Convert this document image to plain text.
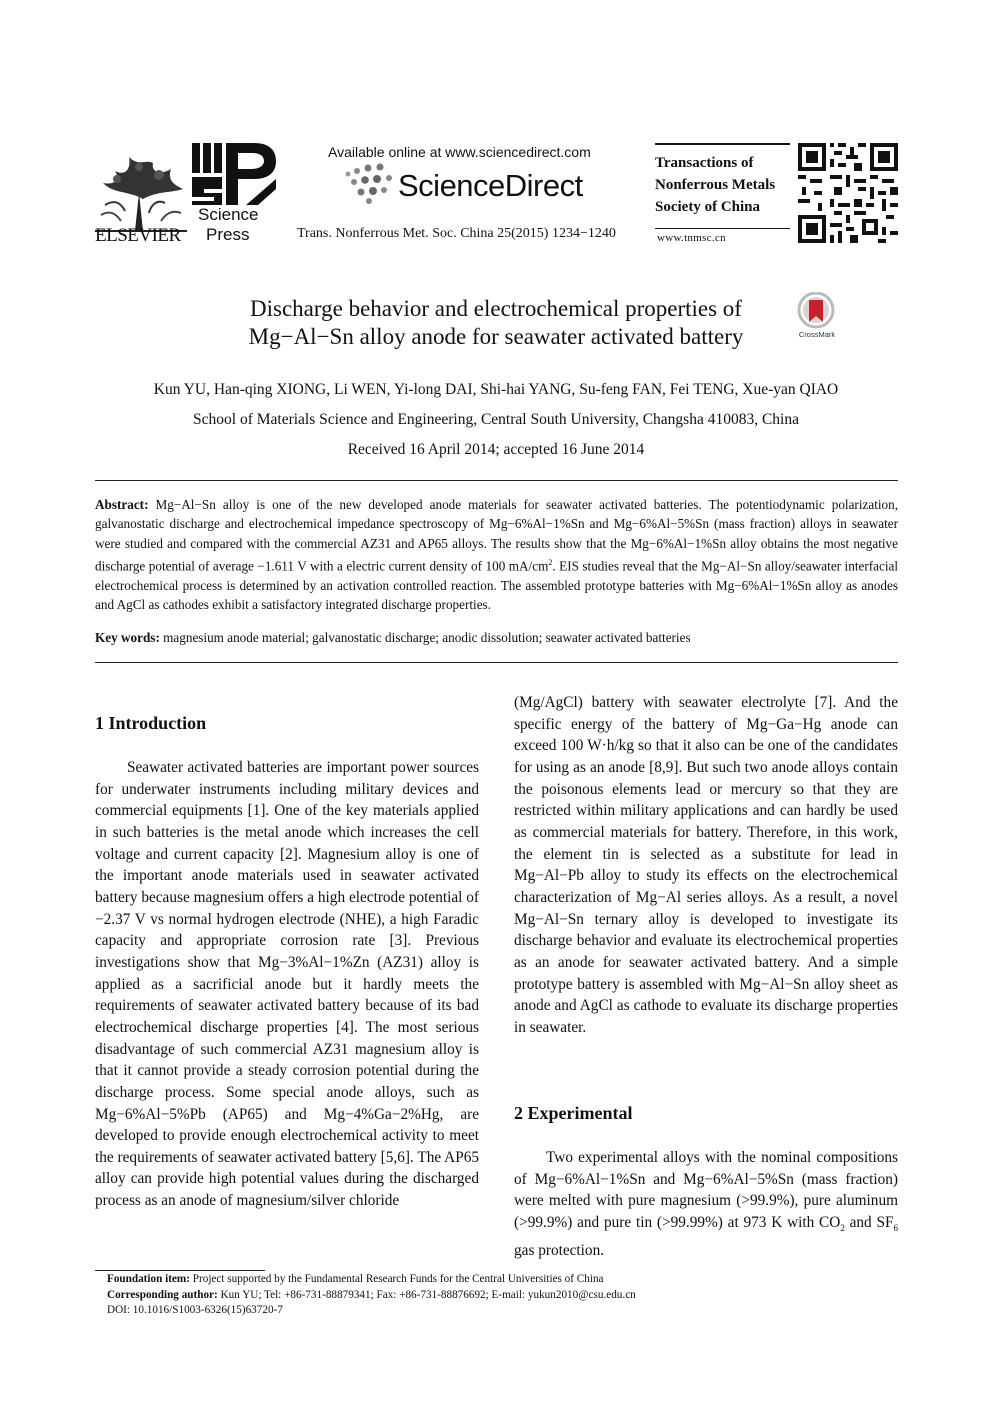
ELSEVIER
Science
Press
Available online at www.sciencedirect.com
ScienceDirect
Trans. Nonferrous Met. Soc. China 25(2015) 1234−1240
Transactions of
Nonferrous Metals
Society of China
www.tnmsc.cn
Discharge behavior and electrochemical properties of
Mg−Al−Sn alloy anode for seawater activated battery	CrossMark
Kun YU, Han-qing XIONG, Li WEN, Yi-long DAI, Shi-hai YANG, Su-feng FAN, Fei TENG, Xue-yan QIAO
School of Materials Science and Engineering, Central South University, Changsha 410083, China
Received 16 April 2014; accepted 16 June 2014
Abstract: Mg−Al−Sn alloy is one of the new developed anode materials for seawater activated batteries. The potentiodynamic polarization, galvanostatic discharge and electrochemical impedance spectroscopy of Mg−6%Al−1%Sn and Mg−6%Al−5%Sn (mass fraction) alloys in seawater were studied and compared with the commercial AZ31 and AP65 alloys. The results show that the Mg−6%Al−1%Sn alloy obtains the most negative discharge potential of average −1.611 V with a electric current density of 100 $mA/cm^2$. EIS studies reveal that the Mg−Al−Sn alloy/seawater interfacial electrochemical process is determined by an activation controlled reaction. The assembled prototype batteries with Mg−6%Al−1%Sn alloy as anodes and AgCl as cathodes exhibit a satisfactory integrated discharge properties.
Key words: magnesium anode material; galvanostatic discharge; anodic dissolution; seawater activated batteries
1 Introduction
Seawater activated batteries are important power sources for underwater instruments including military devices and commercial equipments [1]. One of the key materials applied in such batteries is the metal anode which increases the cell voltage and current capacity [2]. Magnesium alloy is one of the important anode materials used in seawater activated battery because magnesium offers a high electrode potential of −2.37 V vs normal hydrogen electrode (NHE), a high Faradic capacity and appropriate corrosion rate [3]. Previous investigations show that Mg−3%Al−1%Zn (AZ31) alloy is applied as a sacrificial anode but it hardly meets the requirements of seawater activated battery because of its bad electrochemical discharge properties [4]. The most serious disadvantage of such commercial AZ31 magnesium alloy is that it cannot provide a steady corrosion potential during the discharge process. Some special anode alloys, such as Mg−6%Al−5%Pb (AP65) and Mg−4%Ga−2%Hg, are developed to provide enough electrochemical activity to meet the requirements of seawater activated battery [5,6]. The AP65 alloy can provide high potential values during the discharged process as an anode of magnesium/silver chloride
(Mg/AgCl) battery with seawater electrolyte [7]. And the specific energy of the battery of Mg−Ga−Hg anode can exceed 100 W·h/kg so that it also can be one of the candidates for using as an anode [8,9]. But such two anode alloys contain the poisonous elements lead or mercury so that they are restricted within military applications and can hardly be used as commercial materials for battery. Therefore, in this work, the element tin is selected as a substitute for lead in Mg−Al−Pb alloy to study its effects on the electrochemical characterization of Mg−Al series alloys. As a result, a novel Mg−Al−Sn ternary alloy is developed to investigate its discharge behavior and evaluate its electrochemical properties as an anode for seawater activated battery. And a simple prototype battery is assembled with Mg−Al−Sn alloy sheet as anode and AgCl as cathode to evaluate its discharge properties in seawater.
2 Experimental
Two experimental alloys with the nominal compositions of Mg−6%Al−1%Sn and Mg−6%Al−5%Sn (mass fraction) were melted with pure magnesium (>99.9%), pure aluminum (>99.9%) and pure tin (>99.99%) at 973 K with $CO_2$ and $SF_6$ gas protection.
Foundation item: Project supported by the Fundamental Research Funds for the Central Universities of China
Corresponding author: Kun YU; Tel: +86-731-88879341; Fax: +86-731-88876692; E-mail: yukun2010@csu.edu.cn
DOI: 10.1016/S1003-6326(15)63720-7
